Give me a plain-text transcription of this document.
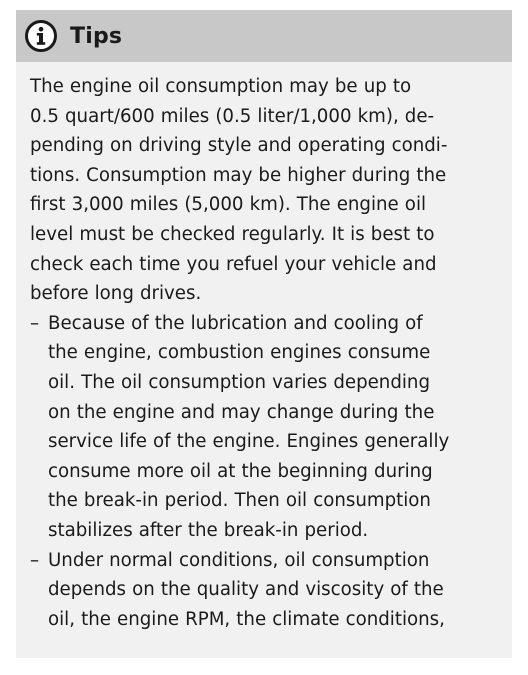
Tips

The engine oil consumption may be up to
0.5 quart/600 miles (0.5 liter/1,000 km), de-
pending on driving style and operating condi-
tions. Consumption may be higher during the
first 3,000 miles (5,000 km). The engine oil
level must be checked regularly. It is best to
check each time you refuel your vehicle and
before long drives.

– Because of the lubrication and cooling of
the engine, combustion engines consume
oil. The oil consumption varies depending
on the engine and may change during the
service life of the engine. Engines generally
consume more oil at the beginning during
the break-in period. Then oil consumption
stabilizes after the break-in period.
– Under normal conditions, oil consumption
depends on the quality and viscosity of the
oil, the engine RPM, the climate conditions,
